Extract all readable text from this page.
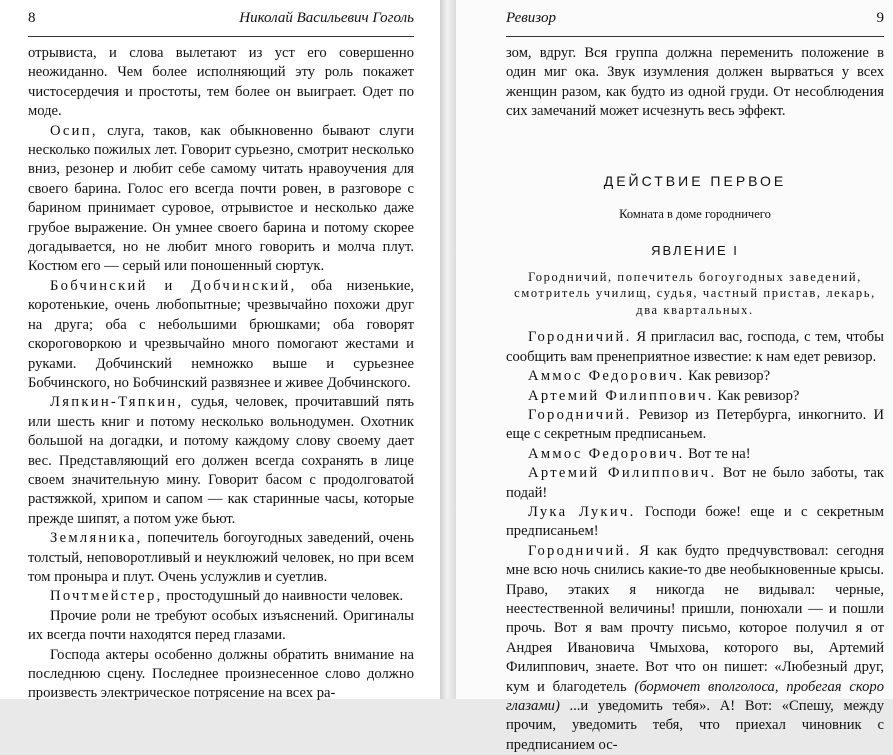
8	Николай Васильевич Гоголь

отрывиста, и слова вылетают из уст его совершенно неожиданно. Чем более исполняющий эту роль покажет чистосердечия и простоты, тем более он выиграет. Одет по моде.

Осип, слуга, таков, как обыкновенно бывают слуги несколько пожилых лет. Говорит сурьезно, смотрит несколько вниз, резонер и любит себе самому читать нравоучения для своего барина. Голос его всегда почти ровен, в разговоре с барином принимает суровое, отрывистое и несколько даже грубое выражение. Он умнее своего барина и потому скорее догадывается, но не любит много говорить и молча плут. Костюм его — серый или поношенный сюртук.

Бобчинский и Добчинский, оба низенькие, коротенькие, очень любопытные; чрезвычайно похожи друг на друга; оба с небольшими брюшками; оба говорят скороговоркою и чрезвычайно много помогают жестами и руками. Добчинский немножко выше и сурьезнее Бобчинского, но Бобчинский развязнее и живее Добчинского.

Ляпкин-Тяпкин, судья, человек, прочитавший пять или шесть книг и потому несколько вольнодумен. Охотник большой на догадки, и потому каждому слову своему дает вес. Представляющий его должен всегда сохранять в лице своем значительную мину. Говорит басом с продолговатой растяжкой, хрипом и сапом — как старинные часы, которые прежде шипят, а потом уже бьют.

Земляника, попечитель богоугодных заведений, очень толстый, неповоротливый и неуклюжий человек, но при всем том проныра и плут. Очень услужлив и суетлив.

Почтмейстер, простодушный до наивности человек.

Прочие роли не требуют особых изъяснений. Оригиналы их всегда почти находятся перед глазами.

Господа актеры особенно должны обратить внимание на последнюю сцену. Последнее произнесенное слово должно произвесть электрическое потрясение на всех ра-

Ревизор	9

зом, вдруг. Вся группа должна переменить положение в один миг ока. Звук изумления должен вырваться у всех женщин разом, как будто из одной груди. От несоблюдения сих замечаний может исчезнуть весь эффект.

ДЕЙСТВИЕ ПЕРВОЕ

Комната в доме городничего

ЯВЛЕНИЕ I

Городничий, попечитель богоугодных заведений, смотритель училищ, судья, частный пристав, лекарь, два квартальных.

Городничий. Я пригласил вас, господа, с тем, чтобы сообщить вам пренеприятное известие: к нам едет ревизор.

Аммос Федорович. Как ревизор?

Артемий Филиппович. Как ревизор?

Городничий. Ревизор из Петербурга, инкогнито. И еще с секретным предписаньем.

Аммос Федорович. Вот те на!

Артемий Филиппович. Вот не было заботы, так подай!

Лука Лукич. Господи боже! еще и с секретным предписаньем!

Городничий. Я как будто предчувствовал: сегодня мне всю ночь снились какие-то две необыкновенные крысы. Право, этаких я никогда не видывал: черные, неестественной величины! пришли, понюхали — и пошли прочь. Вот я вам прочту письмо, которое получил я от Андрея Ивановича Чмыхова, которого вы, Артемий Филиппович, знаете. Вот что он пишет: «Любезный друг, кум и благодетель (бормочет вполголоса, пробегая скоро глазами) ...и уведомить тебя». А! Вот: «Спешу, между прочим, уведомить тебя, что приехал чиновник с предписанием ос-
